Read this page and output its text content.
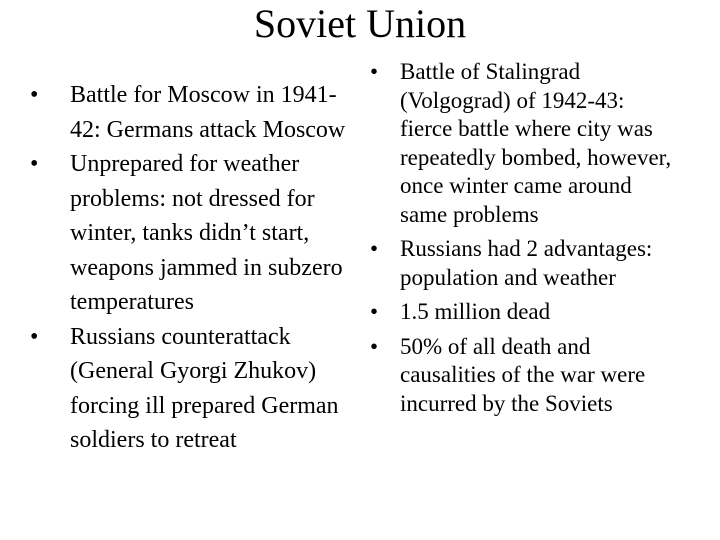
Soviet Union
• Battle for Moscow in 1941-42: Germans attack Moscow
• Unprepared for weather problems: not dressed for winter, tanks didn’t start, weapons jammed in subzero temperatures
• Russians counterattack (General Gyorgi Zhukov) forcing ill prepared German soldiers to retreat
• Battle of Stalingrad (Volgograd) of 1942-43: fierce battle where city was repeatedly bombed, however, once winter came around same problems
• Russians had 2 advantages: population and weather
• 1.5 million dead
• 50% of all death and causalities of the war were incurred by the Soviets
